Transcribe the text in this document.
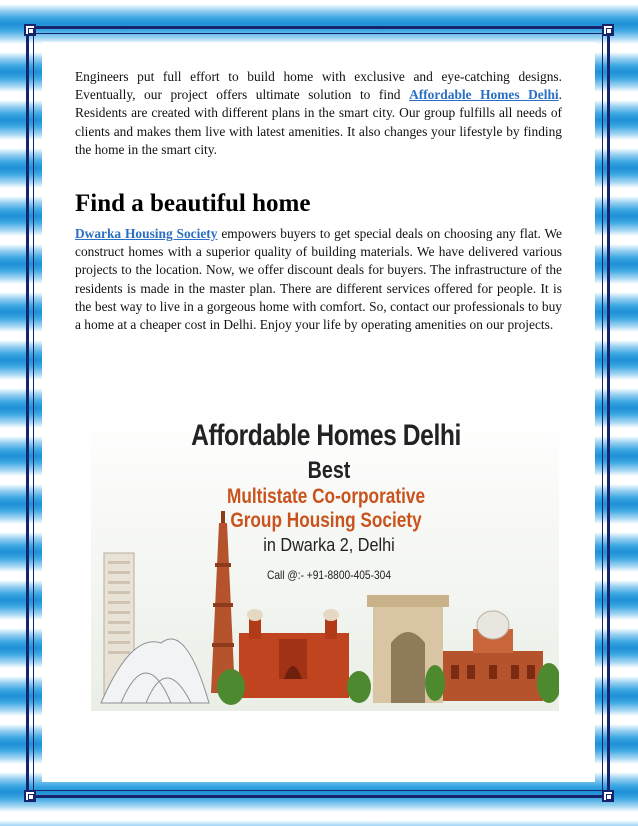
Engineers put full effort to build home with exclusive and eye-catching designs. Eventually, our project offers ultimate solution to find Affordable Homes Delhi. Residents are created with different plans in the smart city. Our group fulfills all needs of clients and makes them live with latest amenities. It also changes your lifestyle by finding the home in the smart city.

Find a beautiful home

Dwarka Housing Society empowers buyers to get special deals on choosing any flat. We construct homes with a superior quality of building materials. We have delivered various projects to the location. Now, we offer discount deals for buyers. The infrastructure of the residents is made in the master plan. There are different services offered for people. It is the best way to live in a gorgeous home with comfort. So, contact our professionals to buy a home at a cheaper cost in Delhi. Enjoy your life by operating amenities on our projects.

Affordable Homes Delhi
Best
Multistate Co-orporative
Group Housing Society
in Dwarka 2, Delhi
Call @:- +91-8800-405-304
